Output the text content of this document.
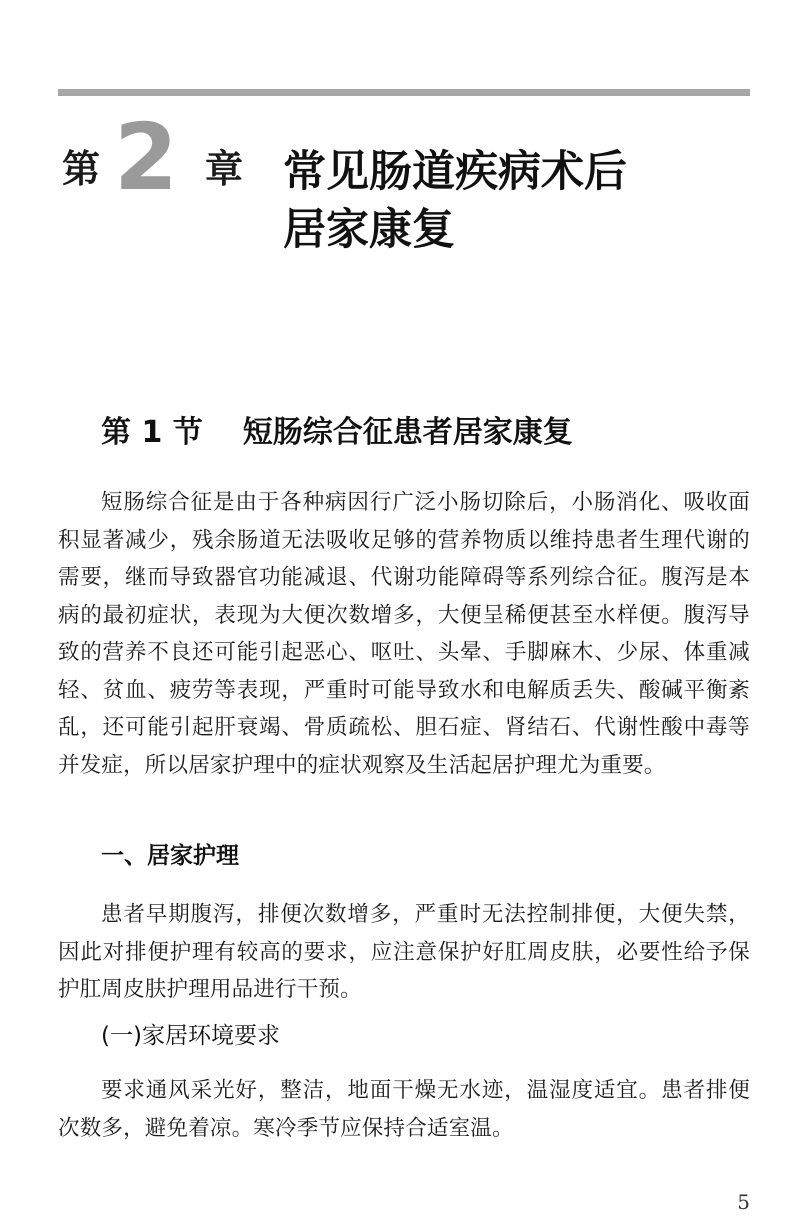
第 2 章 常见肠道疾病术后
居家康复
第 1 节 短肠综合征患者居家康复

短肠综合征是由于各种病因行广泛小肠切除后，小肠消化、吸收面积显著减少，残余肠道无法吸收足够的营养物质以维持患者生理代谢的需要，继而导致器官功能减退、代谢功能障碍等系列综合征。腹泻是本病的最初症状，表现为大便次数增多，大便呈稀便甚至水样便。腹泻导致的营养不良还可能引起恶心、呕吐、头晕、手脚麻木、少尿、体重减轻、贫血、疲劳等表现，严重时可能导致水和电解质丢失、酸碱平衡紊乱，还可能引起肝衰竭、骨质疏松、胆石症、肾结石、代谢性酸中毒等并发症，所以居家护理中的症状观察及生活起居护理尤为重要。

一、居家护理

患者早期腹泻，排便次数增多，严重时无法控制排便，大便失禁，因此对排便护理有较高的要求，应注意保护好肛周皮肤，必要性给予保护肛周皮肤护理用品进行干预。

(一)家居环境要求

要求通风采光好，整洁，地面干燥无水迹，温湿度适宜。患者排便次数多，避免着凉。寒冷季节应保持合适室温。

5
